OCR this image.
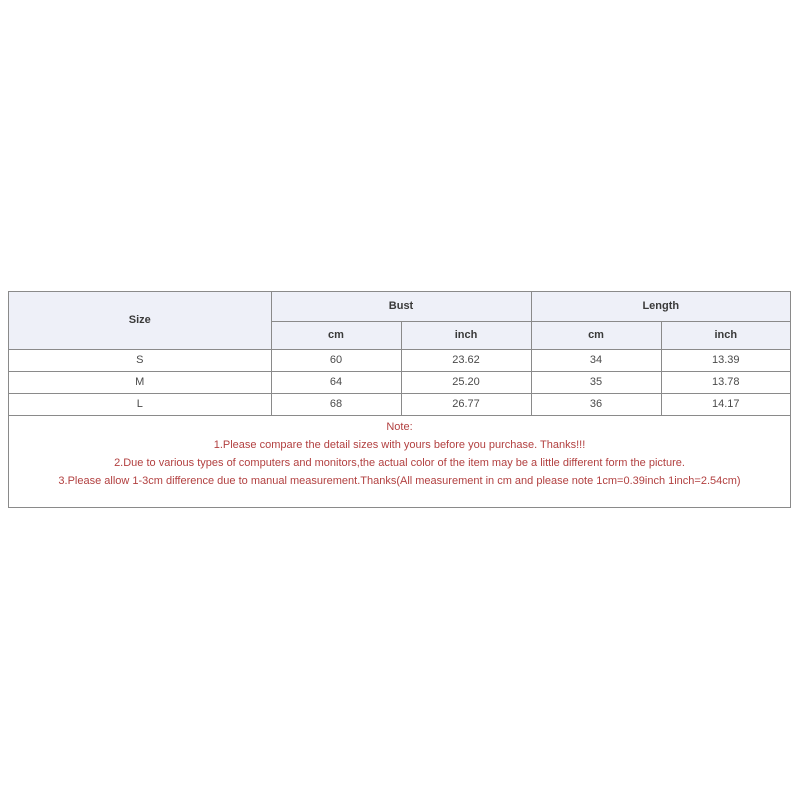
Size	Bust		Length	
	cm	inch	cm	inch
S	60	23.62	34	13.39
M	64	25.20	35	13.78
L	68	26.77	36	14.17
Note:
1.Please compare the detail sizes with yours before you purchase. Thanks!!!
2.Due to various types of computers and monitors,the actual color of the item may be a little different form the picture.
3.Please allow 1-3cm difference due to manual measurement.Thanks(All measurement in cm and please note 1cm=0.39inch 1inch=2.54cm)
